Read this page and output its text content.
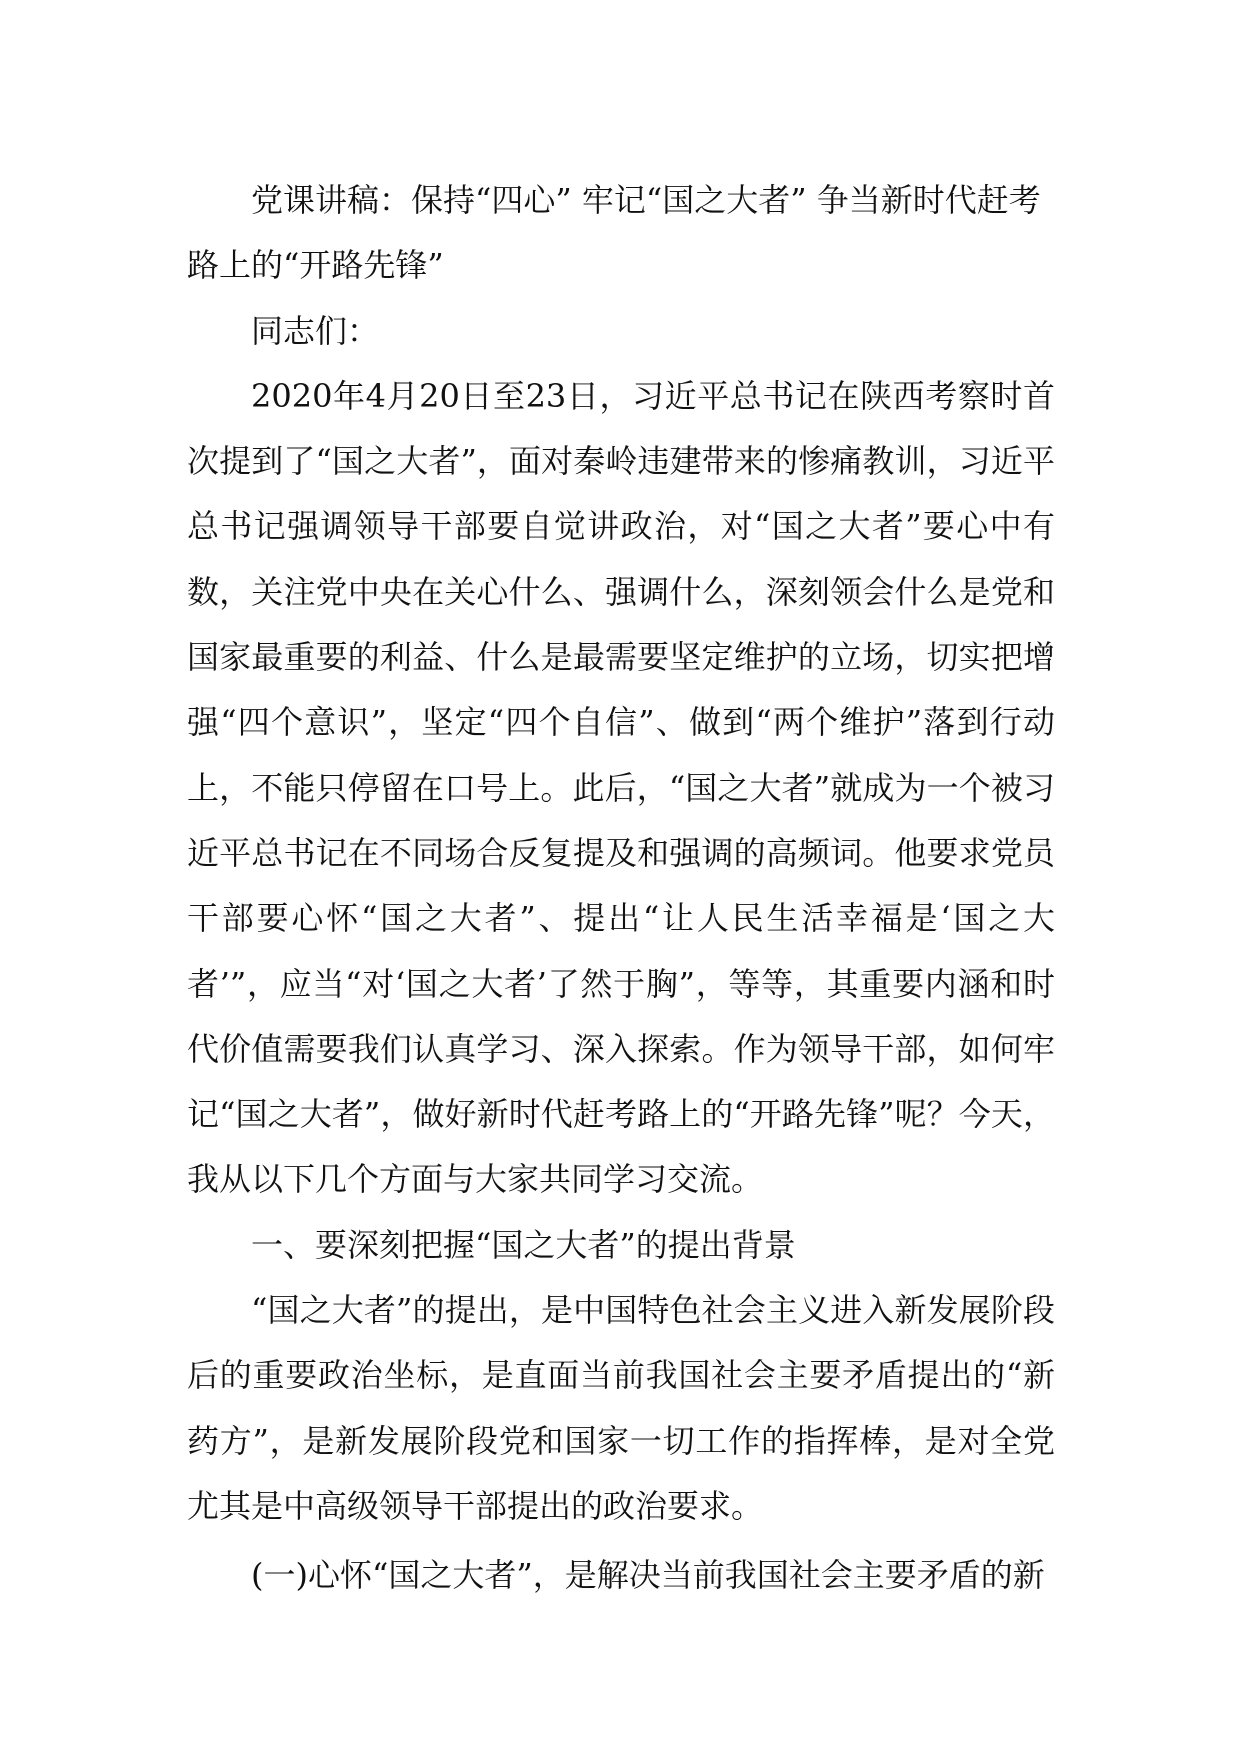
党课讲稿：保持“四心” 牢记“国之大者” 争当新时代赶考路上的“开路先锋”

同志们：

2020年4月20日至23日，习近平总书记在陕西考察时首次提到了“国之大者”，面对秦岭违建带来的惨痛教训，习近平总书记强调领导干部要自觉讲政治，对“国之大者”要心中有数，关注党中央在关心什么、强调什么，深刻领会什么是党和国家最重要的利益、什么是最需要坚定维护的立场，切实把增强“四个意识”，坚定“四个自信”、做到“两个维护”落到行动上，不能只停留在口号上。此后，“国之大者”就成为一个被习近平总书记在不同场合反复提及和强调的高频词。他要求党员干部要心怀“国之大者”、提出“让人民生活幸福是‘国之大者’”，应当“对‘国之大者’了然于胸”，等等，其重要内涵和时代价值需要我们认真学习、深入探索。作为领导干部，如何牢记“国之大者”，做好新时代赶考路上的“开路先锋”呢？今天，我从以下几个方面与大家共同学习交流。

一、要深刻把握“国之大者”的提出背景

“国之大者”的提出，是中国特色社会主义进入新发展阶段后的重要政治坐标，是直面当前我国社会主要矛盾提出的“新药方”，是新发展阶段党和国家一切工作的指挥棒，是对全党尤其是中高级领导干部提出的政治要求。

(一)心怀“国之大者”，是解决当前我国社会主要矛盾的新
